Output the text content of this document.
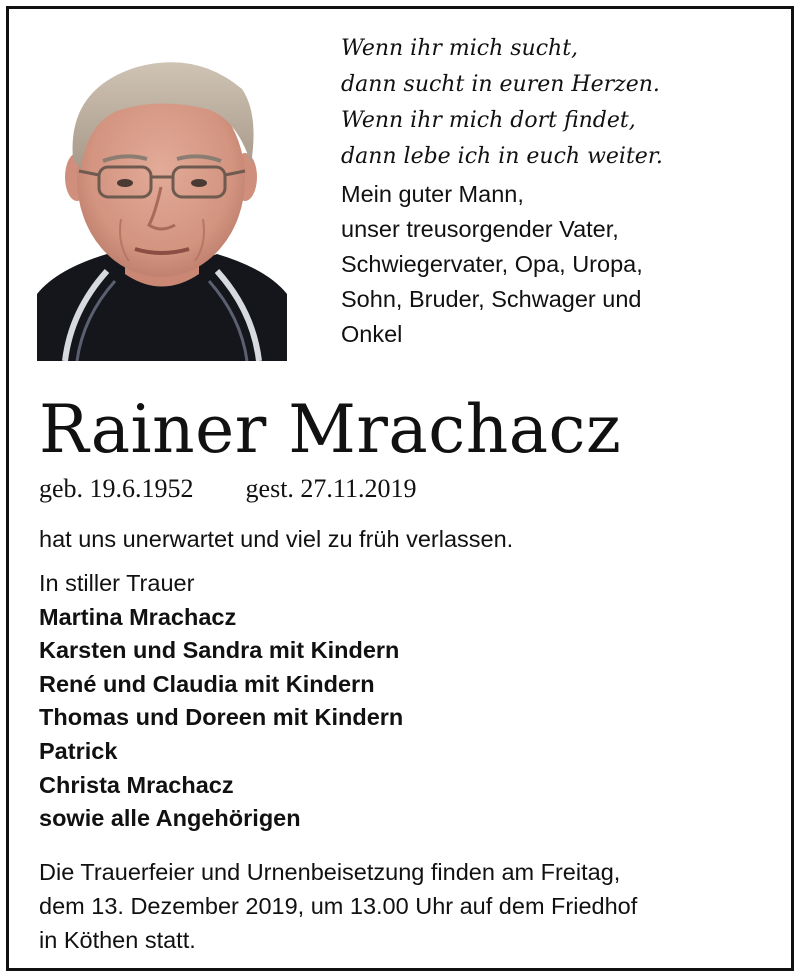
Wenn ihr mich sucht,
dann sucht in euren Herzen.
Wenn ihr mich dort findet,
dann lebe ich in euch weiter.
Mein guter Mann,
unser treusorgender Vater,
Schwiegervater, Opa, Uropa,
Sohn, Bruder, Schwager und
Onkel
Rainer Mrachacz
geb. 19.6.1952 gest. 27.11.2019
hat uns unerwartet und viel zu früh verlassen.
In stiller Trauer
Martina Mrachacz
Karsten und Sandra mit Kindern
René und Claudia mit Kindern
Thomas und Doreen mit Kindern
Patrick
Christa Mrachacz
sowie alle Angehörigen
Die Trauerfeier und Urnenbeisetzung finden am Freitag,
dem 13. Dezember 2019, um 13.00 Uhr auf dem Friedhof
in Köthen statt.
